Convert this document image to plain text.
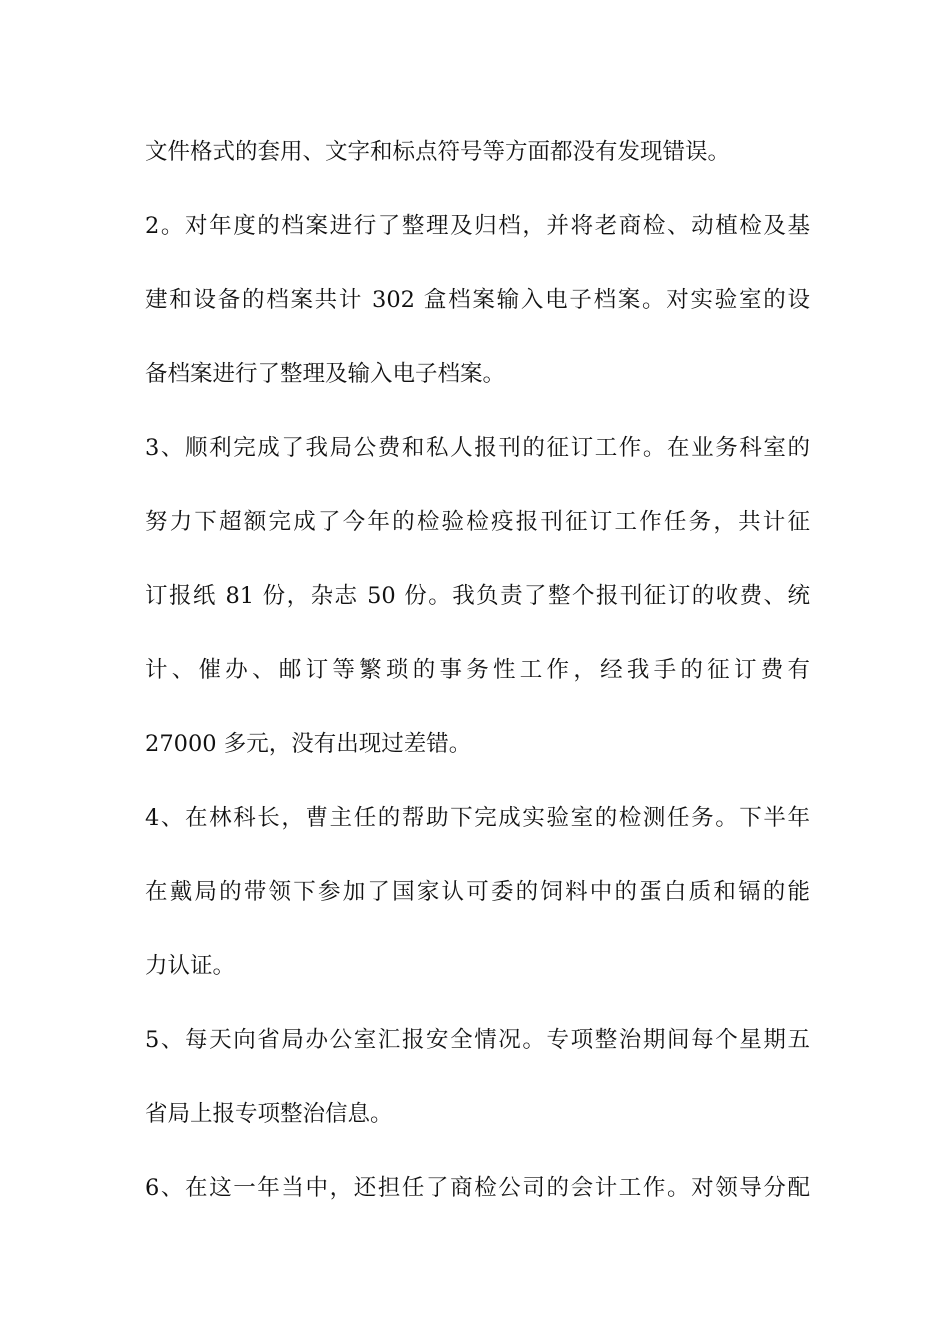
文件格式的套用、文字和标点符号等方面都没有发现错误。
2。对年度的档案进行了整理及归档，并将老商检、动植检及基
建和设备的档案共计 302 盒档案输入电子档案。对实验室的设
备档案进行了整理及输入电子档案。
3、顺利完成了我局公费和私人报刊的征订工作。在业务科室的
努力下超额完成了今年的检验检疫报刊征订工作任务，共计征
订报纸 81 份，杂志 50 份。我负责了整个报刊征订的收费、统
计、催办、邮订等繁琐的事务性工作，经我手的征订费有
27000 多元，没有出现过差错。
4、在林科长，曹主任的帮助下完成实验室的检测任务。下半年
在戴局的带领下参加了国家认可委的饲料中的蛋白质和镉的能
力认证。
5、每天向省局办公室汇报安全情况。专项整治期间每个星期五
省局上报专项整治信息。
6、在这一年当中，还担任了商检公司的会计工作。对领导分配
